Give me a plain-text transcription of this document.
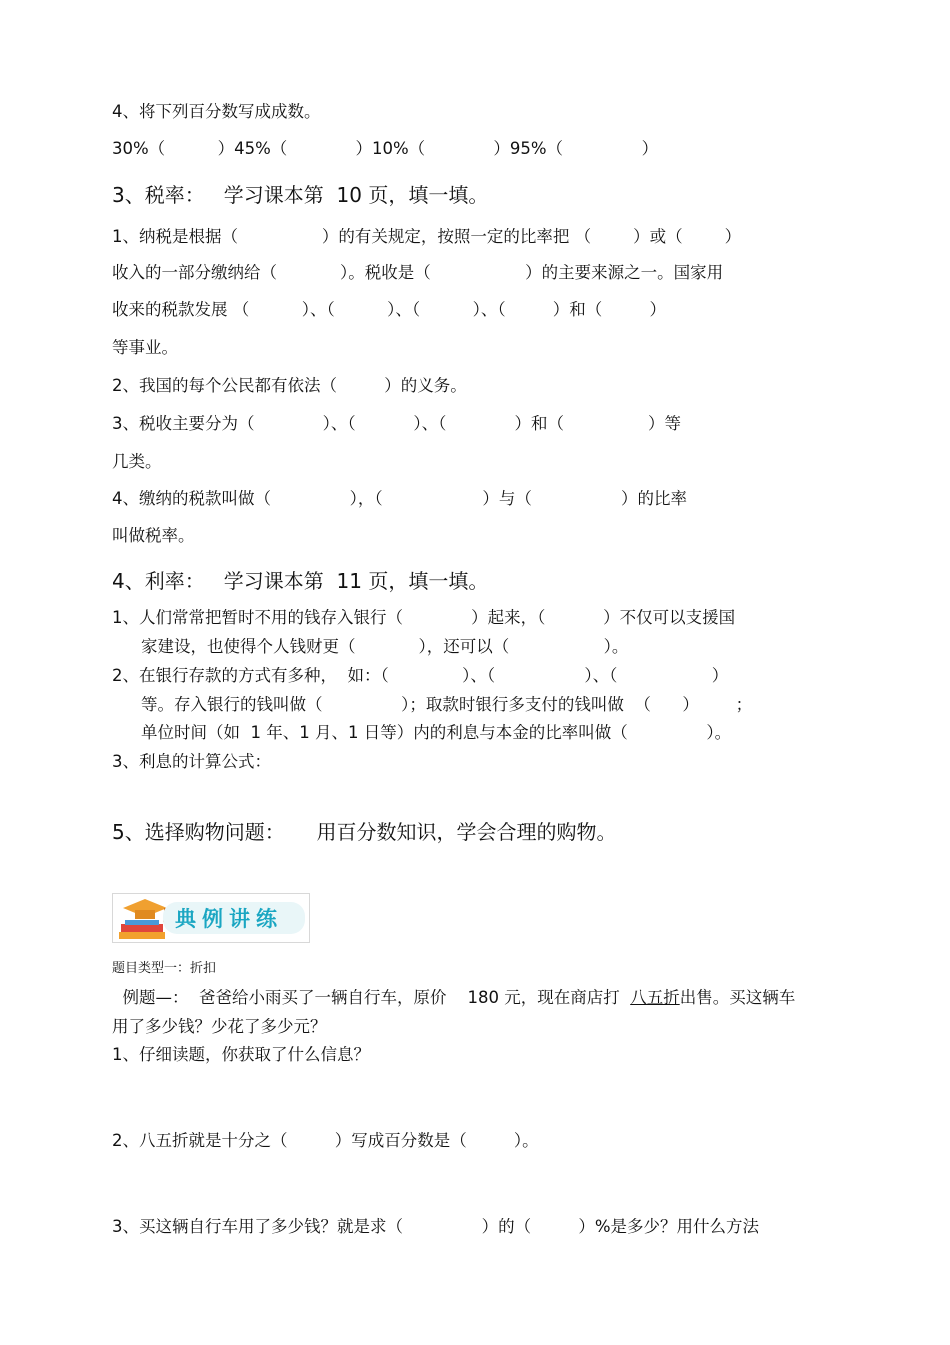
4、将下列百分数写成成数。
30%（          ）45%（             ）10%（             ）95%（               ）
3、税率：   学习课本第  10 页，填一填。
1、纳税是根据（                ）的有关规定，按照一定的比率把 （        ）或（        ）
收入的一部分缴纳给（            ）。税收是（                  ）的主要来源之一。国家用
收来的税款发展 （          ）、（          ）、（          ）、（         ）和（         ）
等事业。
2、我国的每个公民都有依法（         ）的义务。
3、税收主要分为（             ）、（           ）、（             ）和（                ）等
几类。
4、缴纳的税款叫做（               ），（                   ）与（                 ）的比率
叫做税率。
4、利率：   学习课本第  11 页，填一填。
1、人们常常把暂时不用的钱存入银行（             ）起来，（           ）不仅可以支援国
家建设，也使得个人钱财更（            ），还可以（                  ）。
2、在银行存款的方式有多种，  如：（              ）、（                 ）、（                  ）
等。存入银行的钱叫做（               ）；取款时银行多支付的钱叫做  （      ）       ；
单位时间（如  1 年、1 月、1 日等）内的利息与本金的比率叫做（               ）。
3、利息的计算公式：
5、选择购物问题：     用百分数知识，学会合理的购物。
典例讲练
题目类型一：折扣
例题—：  爸爸给小雨买了一辆自行车，原价    180 元，现在商店打  八五折出售。买这辆车
用了多少钱？少花了多少元？
1、仔细读题，你获取了什么信息？
2、八五折就是十分之（         ）写成百分数是（         ）。
3、买这辆自行车用了多少钱？就是求（               ）的（         ）%是多少？用什么方法
